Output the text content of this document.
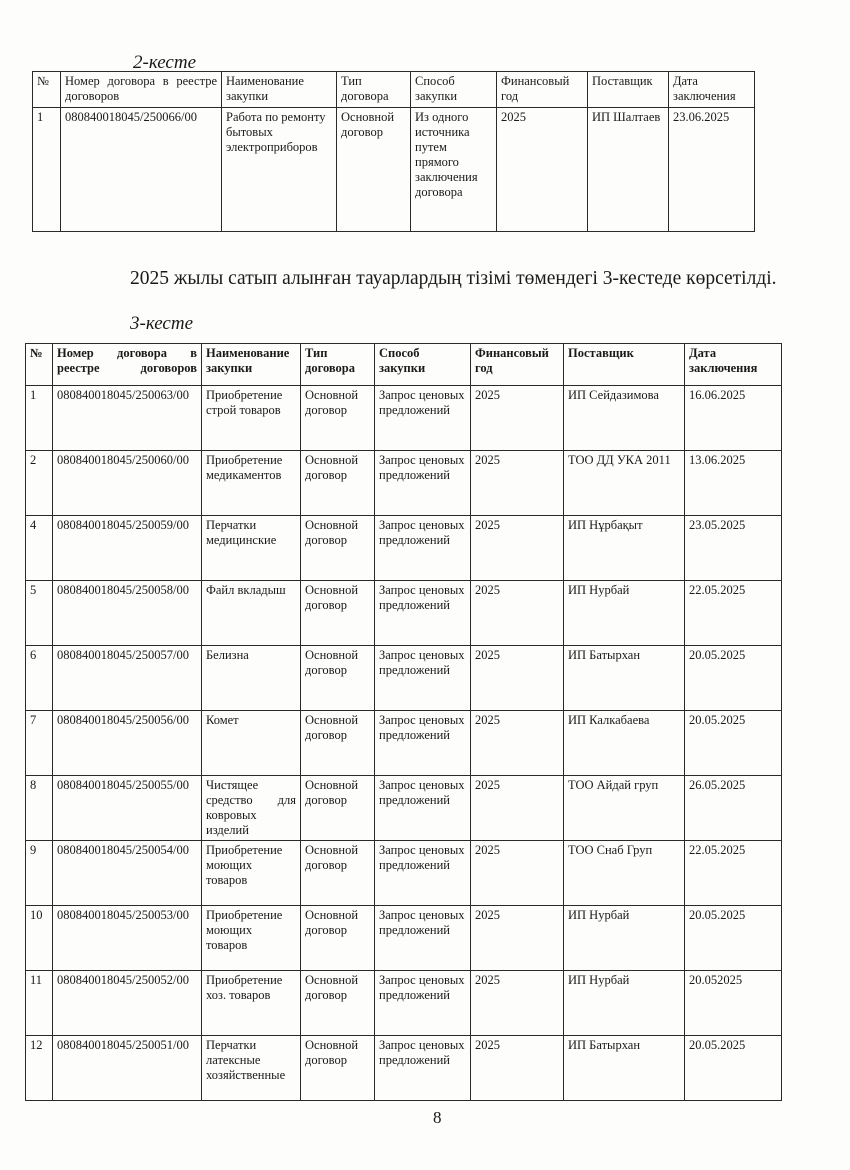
2-кесте
№	Номер договора в реестре договоров	Наименование закупки	Тип договора	Способ закупки	Финансовый год	Поставщик	Дата заключения
1	080840018045/250066/00	Работа по ремонту бытовых электроприборов	Основной договор	Из одного источника путем прямого заключения договора	2025	ИП Шалтаев	23.06.2025
2025 жылы сатып алынған тауарлардың тізімі төмендегі 3-кестеде көрсетілді.
3-кесте
№	Номер договора в реестре договоров	Наименование закупки	Тип договора	Способ закупки	Финансовый год	Поставщик	Дата заключения
1	080840018045/250063/00	Приобретение строй товаров	Основной договор	Запрос ценовых предложений	2025	ИП Сейдазимова	16.06.2025
2	080840018045/250060/00	Приобретение медикаментов	Основной договор	Запрос ценовых предложений	2025	ТОО ДД УКА 2011	13.06.2025
4	080840018045/250059/00	Перчатки медицинские	Основной договор	Запрос ценовых предложений	2025	ИП Нұрбақыт	23.05.2025
5	080840018045/250058/00	Файл вкладыш	Основной договор	Запрос ценовых предложений	2025	ИП Нурбай	22.05.2025
6	080840018045/250057/00	Белизна	Основной договор	Запрос ценовых предложений	2025	ИП Батырхан	20.05.2025
7	080840018045/250056/00	Комет	Основной договор	Запрос ценовых предложений	2025	ИП Калкабаева	20.05.2025
8	080840018045/250055/00	Чистящее средство для ковровых изделий	Основной договор	Запрос ценовых предложений	2025	ТОО Айдай груп	26.05.2025
9	080840018045/250054/00	Приобретение моющих товаров	Основной договор	Запрос ценовых предложений	2025	ТОО Снаб Груп	22.05.2025
10	080840018045/250053/00	Приобретение моющих товаров	Основной договор	Запрос ценовых предложений	2025	ИП Нурбай	20.05.2025
11	080840018045/250052/00	Приобретение хоз. товаров	Основной договор	Запрос ценовых предложений	2025	ИП Нурбай	20.052025
12	080840018045/250051/00	Перчатки латексные хозяйственные	Основной договор	Запрос ценовых предложений	2025	ИП Батырхан	20.05.2025
8
